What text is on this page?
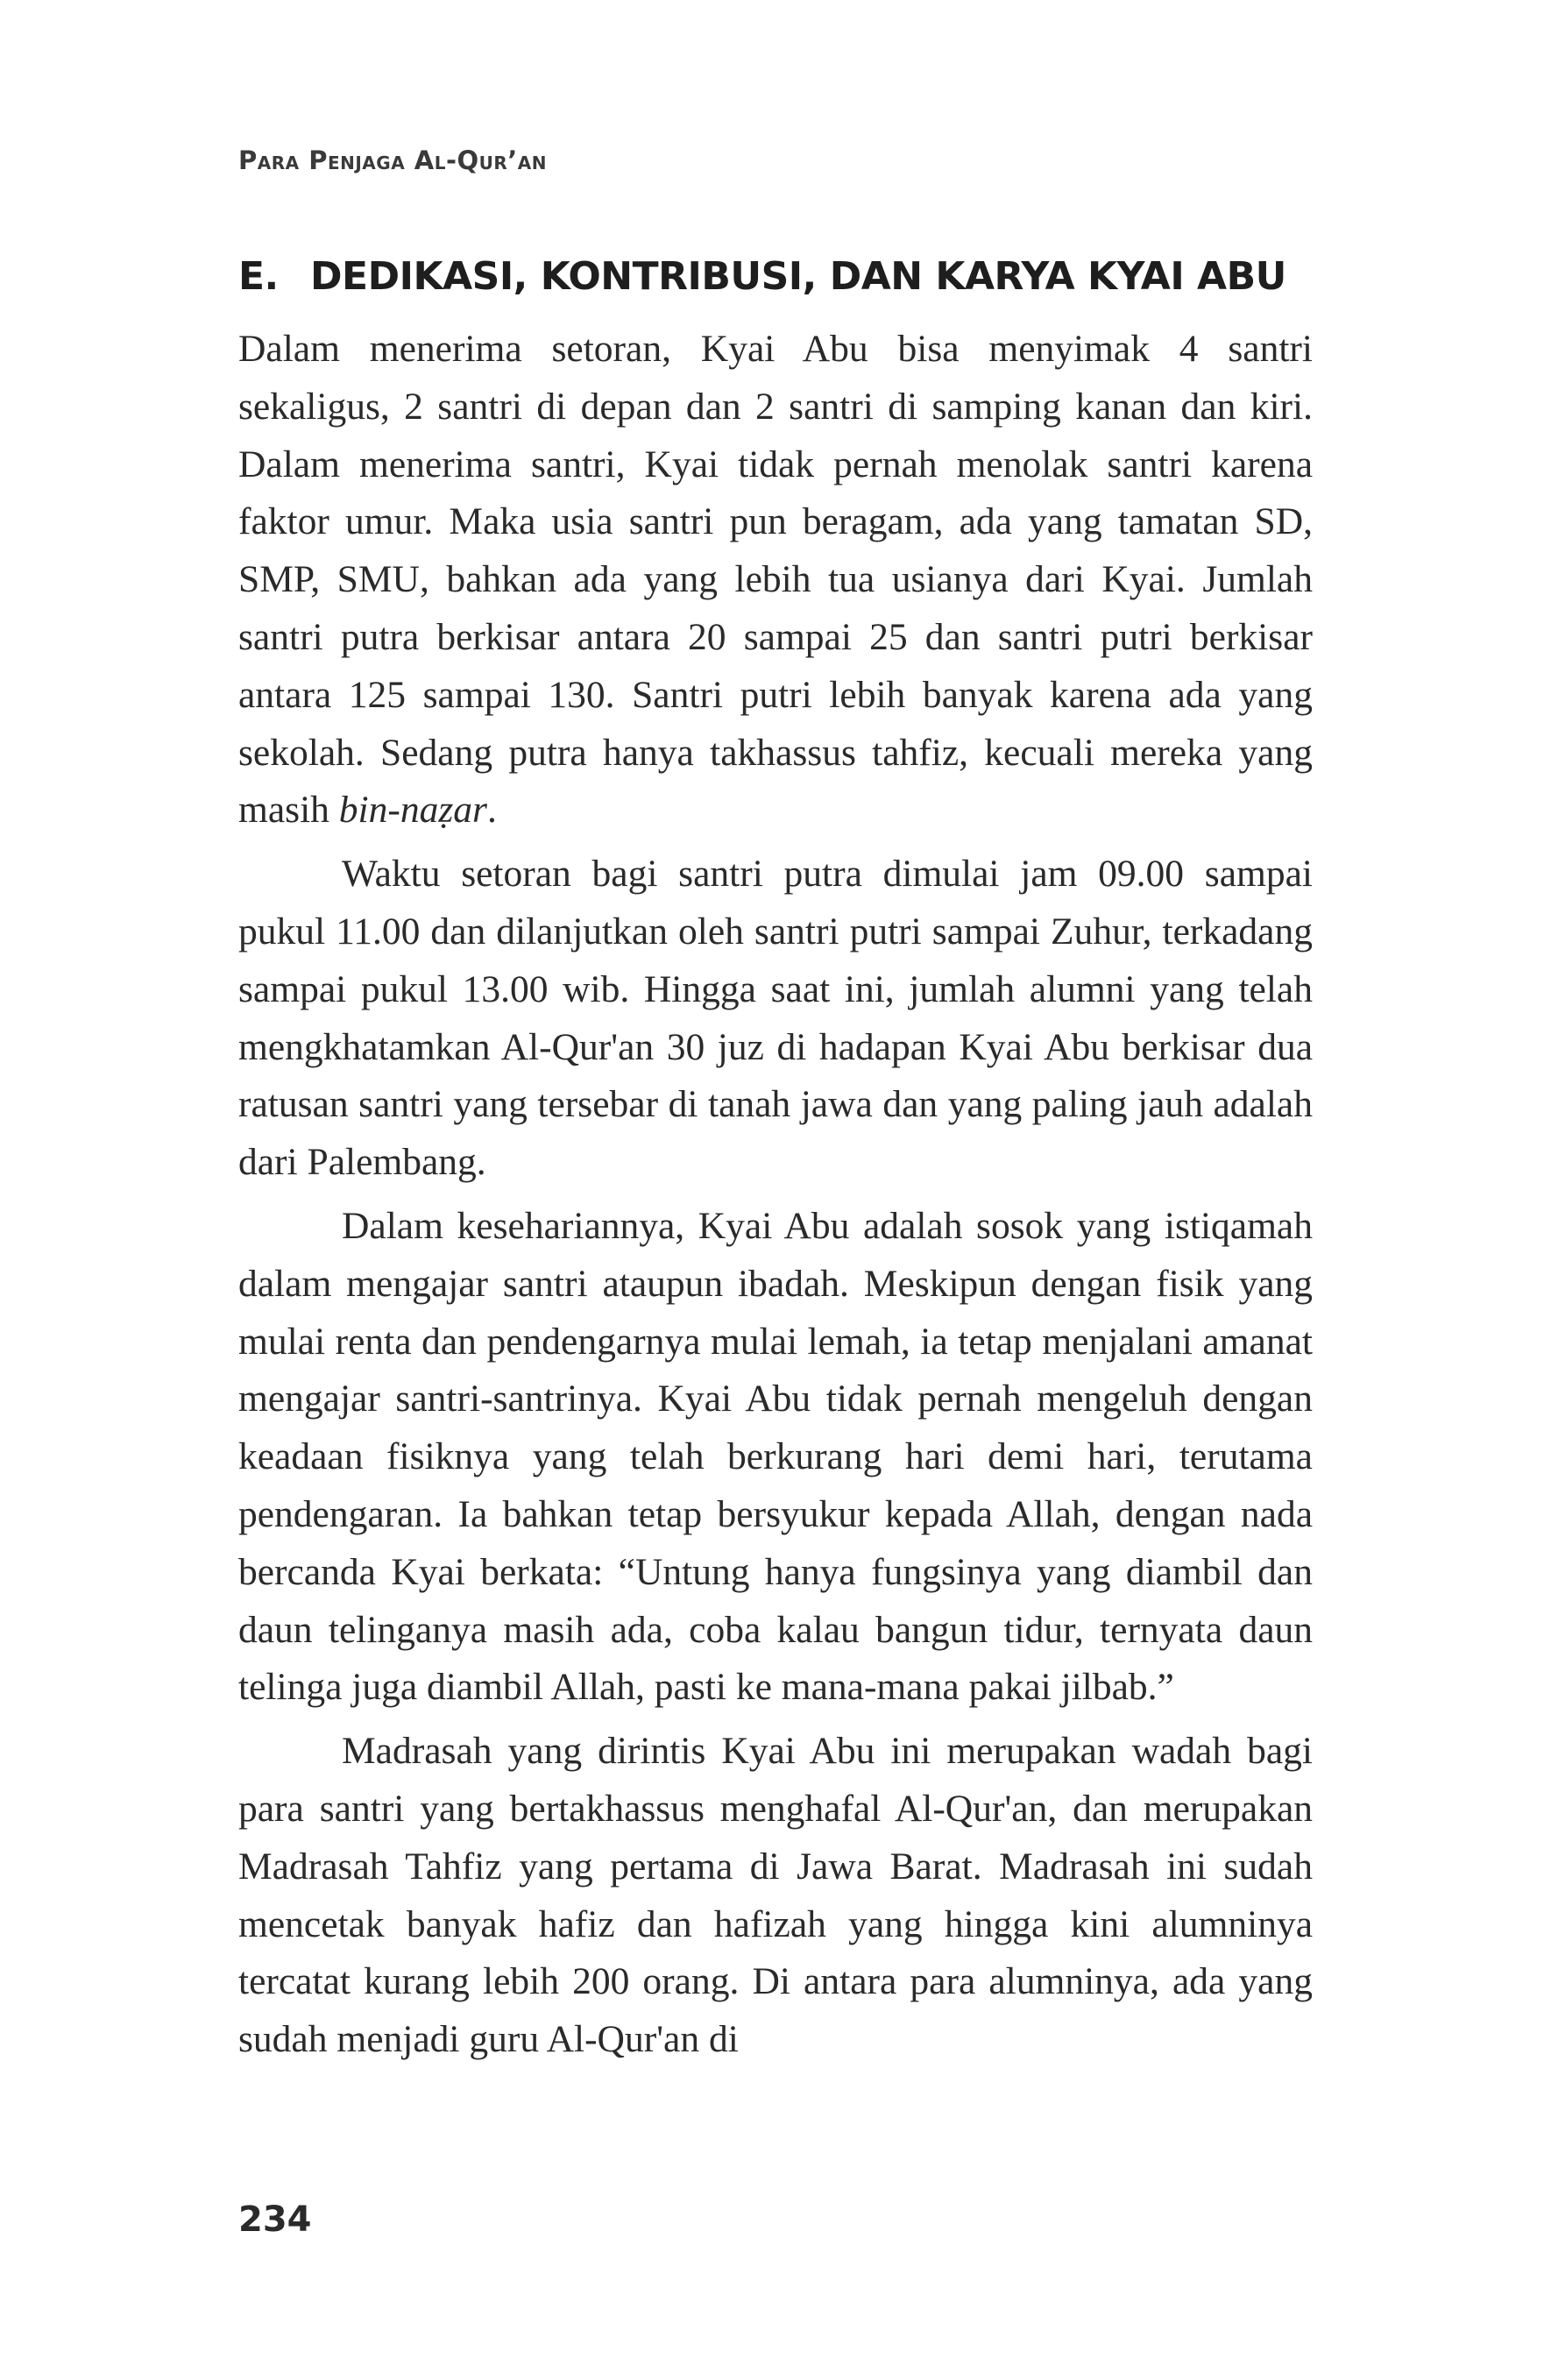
Para Penjaga Al-Qur’an
E. DEDIKASI, KONTRIBUSI, DAN KARYA KYAI ABU

Dalam menerima setoran, Kyai Abu bisa menyimak 4 santri sekaligus, 2 santri di depan dan 2 santri di samping kanan dan kiri. Dalam menerima santri, Kyai tidak pernah menolak santri karena faktor umur. Maka usia santri pun beragam, ada yang tamatan SD, SMP, SMU, bahkan ada yang lebih tua usianya dari Kyai. Jumlah santri putra berkisar antara 20 sampai 25 dan santri putri berkisar antara 125 sampai 130. Santri putri lebih banyak karena ada yang sekolah. Sedang putra hanya takhassus tahfiz, kecuali mereka yang masih bin-naẓar.

Waktu setoran bagi santri putra dimulai jam 09.00 sampai pukul 11.00 dan dilanjutkan oleh santri putri sampai Zuhur, terkadang sampai pukul 13.00 wib. Hingga saat ini, jumlah alumni yang telah mengkhatamkan Al-Qur'an 30 juz di hadapan Kyai Abu berkisar dua ratusan santri yang tersebar di tanah jawa dan yang paling jauh adalah dari Palembang.

Dalam kesehariannya, Kyai Abu adalah sosok yang istiqamah dalam mengajar santri ataupun ibadah. Meskipun dengan fisik yang mulai renta dan pendengarnya mulai lemah, ia tetap menjalani amanat mengajar santri-santrinya. Kyai Abu tidak pernah mengeluh dengan keadaan fisiknya yang telah berkurang hari demi hari, terutama pendengaran. Ia bahkan tetap bersyukur kepada Allah, dengan nada bercanda Kyai berkata: “Untung hanya fungsinya yang diambil dan daun telinganya masih ada, coba kalau bangun tidur, ternyata daun telinga juga diambil Allah, pasti ke mana-mana pakai jilbab.”

Madrasah yang dirintis Kyai Abu ini merupakan wadah bagi para santri yang bertakhassus menghafal Al-Qur'an, dan merupakan Madrasah Tahfiz yang pertama di Jawa Barat. Madrasah ini sudah mencetak banyak hafiz dan hafizah yang hingga kini alumninya tercatat kurang lebih 200 orang. Di antara para alumninya, ada yang sudah menjadi guru Al-Qur'an di

234
